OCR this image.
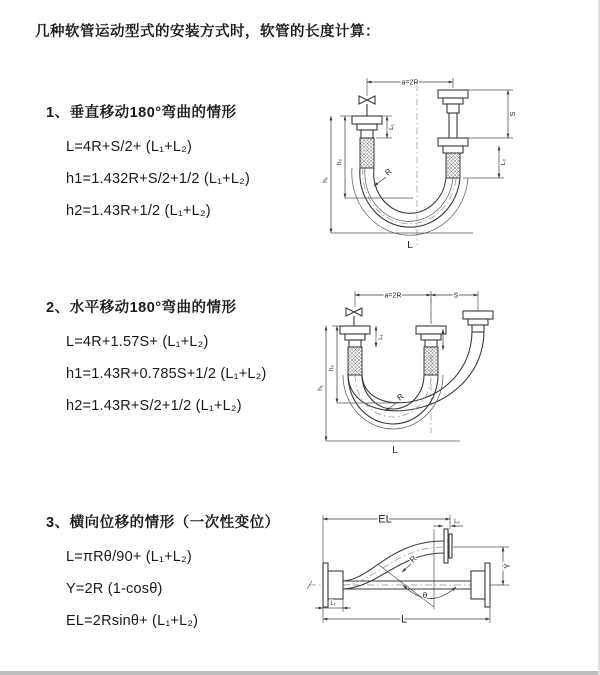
几种软管运动型式的安装方式时，软管的长度计算：
1、垂直移动180°弯曲的情形
L=4R+S/2+ (L₁+L₂)
h1=1.432R+S/2+1/2 (L₁+L₂)
h2=1.43R+1/2 (L₁+L₂)
2、水平移动180°弯曲的情形
L=4R+1.57S+ (L₁+L₂)
h1=1.43R+0.785S+1/2 (L₁+L₂)
h2=1.43R+S/2+1/2 (L₁+L₂)
3、横向位移的情形（一次性变位）
L=πRθ/90+ (L₁+L₂)
Y=2R (1-cosθ)
EL=2Rsinθ+ (L₁+L₂)
a=2R
L₁
S
L₂
R
h₂
h₁
L
a=2R	S
L₁
h₂
h₁
R
L
EL	L₂
θ
R
Y
L₁
L
